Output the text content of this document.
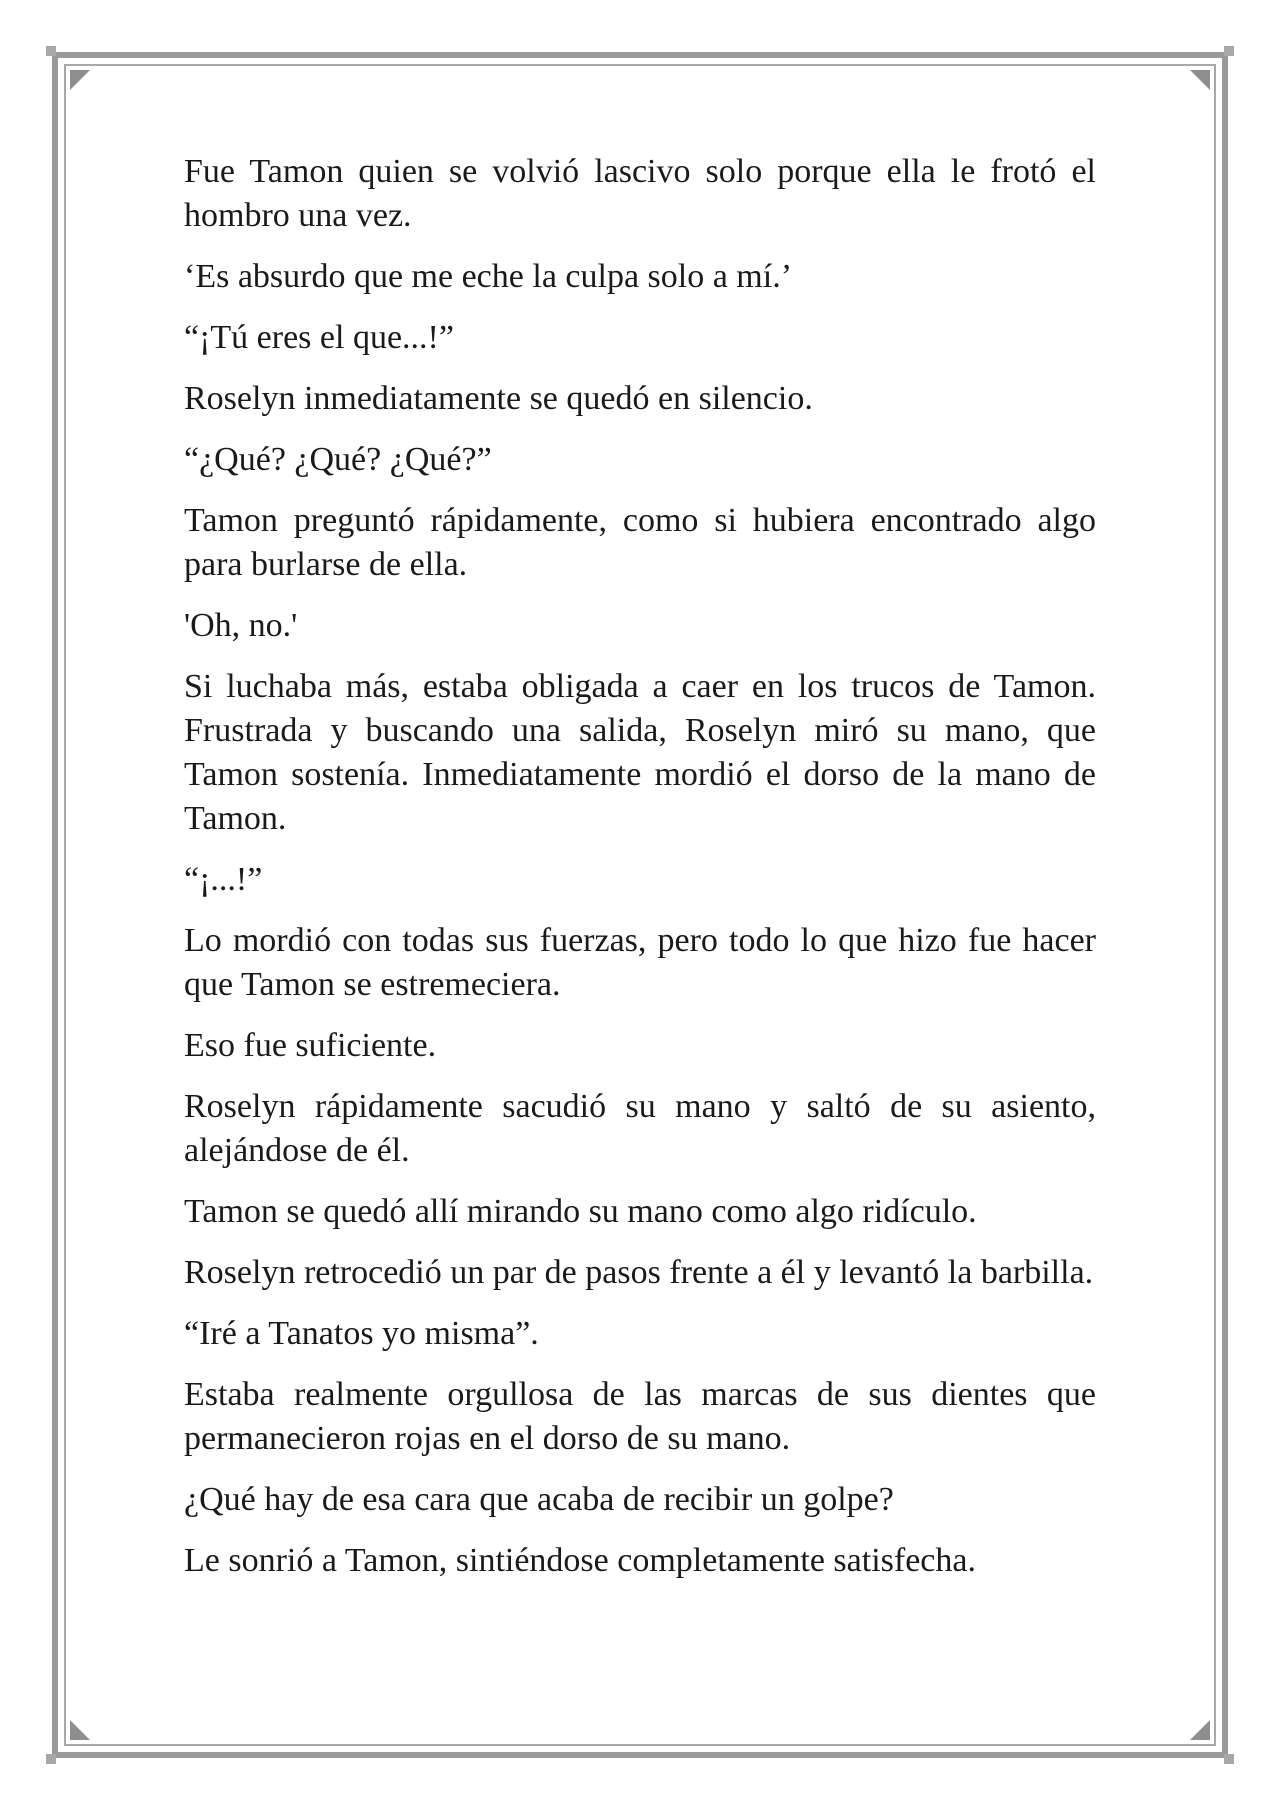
Fue Tamon quien se volvió lascivo solo porque ella le frotó el hombro una vez.

‘Es absurdo que me eche la culpa solo a mí.’

“¡Tú eres el que...!”

Roselyn inmediatamente se quedó en silencio.

“¿Qué? ¿Qué? ¿Qué?”

Tamon preguntó rápidamente, como si hubiera encontrado algo para burlarse de ella.

'Oh, no.'

Si luchaba más, estaba obligada a caer en los trucos de Tamon. Frustrada y buscando una salida, Roselyn miró su mano, que Tamon sostenía. Inmediatamente mordió el dorso de la mano de Tamon.

“¡...!”

Lo mordió con todas sus fuerzas, pero todo lo que hizo fue hacer que Tamon se estremeciera.

Eso fue suficiente.

Roselyn rápidamente sacudió su mano y saltó de su asiento, alejándose de él.

Tamon se quedó allí mirando su mano como algo ridículo.

Roselyn retrocedió un par de pasos frente a él y levantó la barbilla.

“Iré a Tanatos yo misma”.

Estaba realmente orgullosa de las marcas de sus dientes que permanecieron rojas en el dorso de su mano.

¿Qué hay de esa cara que acaba de recibir un golpe?

Le sonrió a Tamon, sintiéndose completamente satisfecha.
